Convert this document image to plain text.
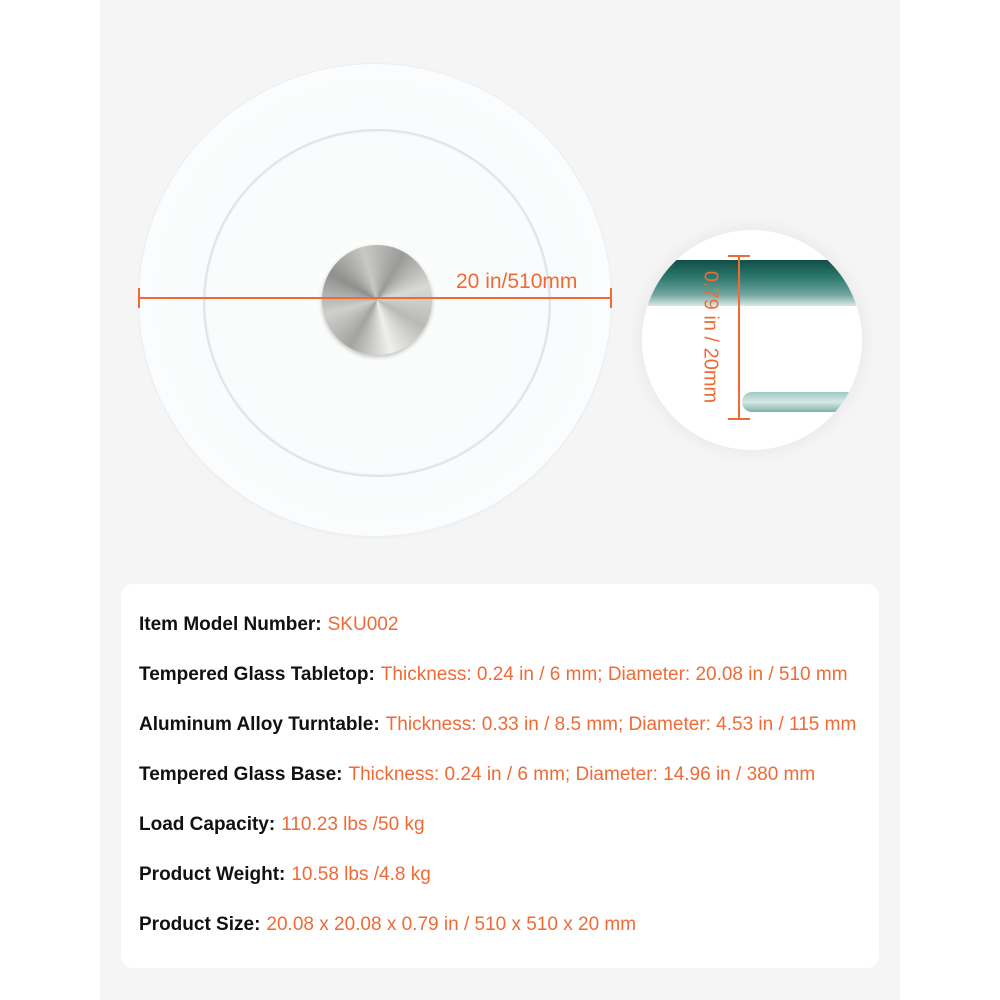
20 in/510mm	0.79 in / 20mm
Item Model Number: SKU002
Tempered Glass Tabletop: Thickness: 0.24 in / 6 mm; Diameter: 20.08 in / 510 mm
Aluminum Alloy Turntable: Thickness: 0.33 in / 8.5 mm; Diameter: 4.53 in / 115 mm
Tempered Glass Base: Thickness: 0.24 in / 6 mm; Diameter: 14.96 in / 380 mm
Load Capacity: 110.23 lbs /50 kg
Product Weight: 10.58 lbs /4.8 kg
Product Size: 20.08 x 20.08 x 0.79 in / 510 x 510 x 20 mm
